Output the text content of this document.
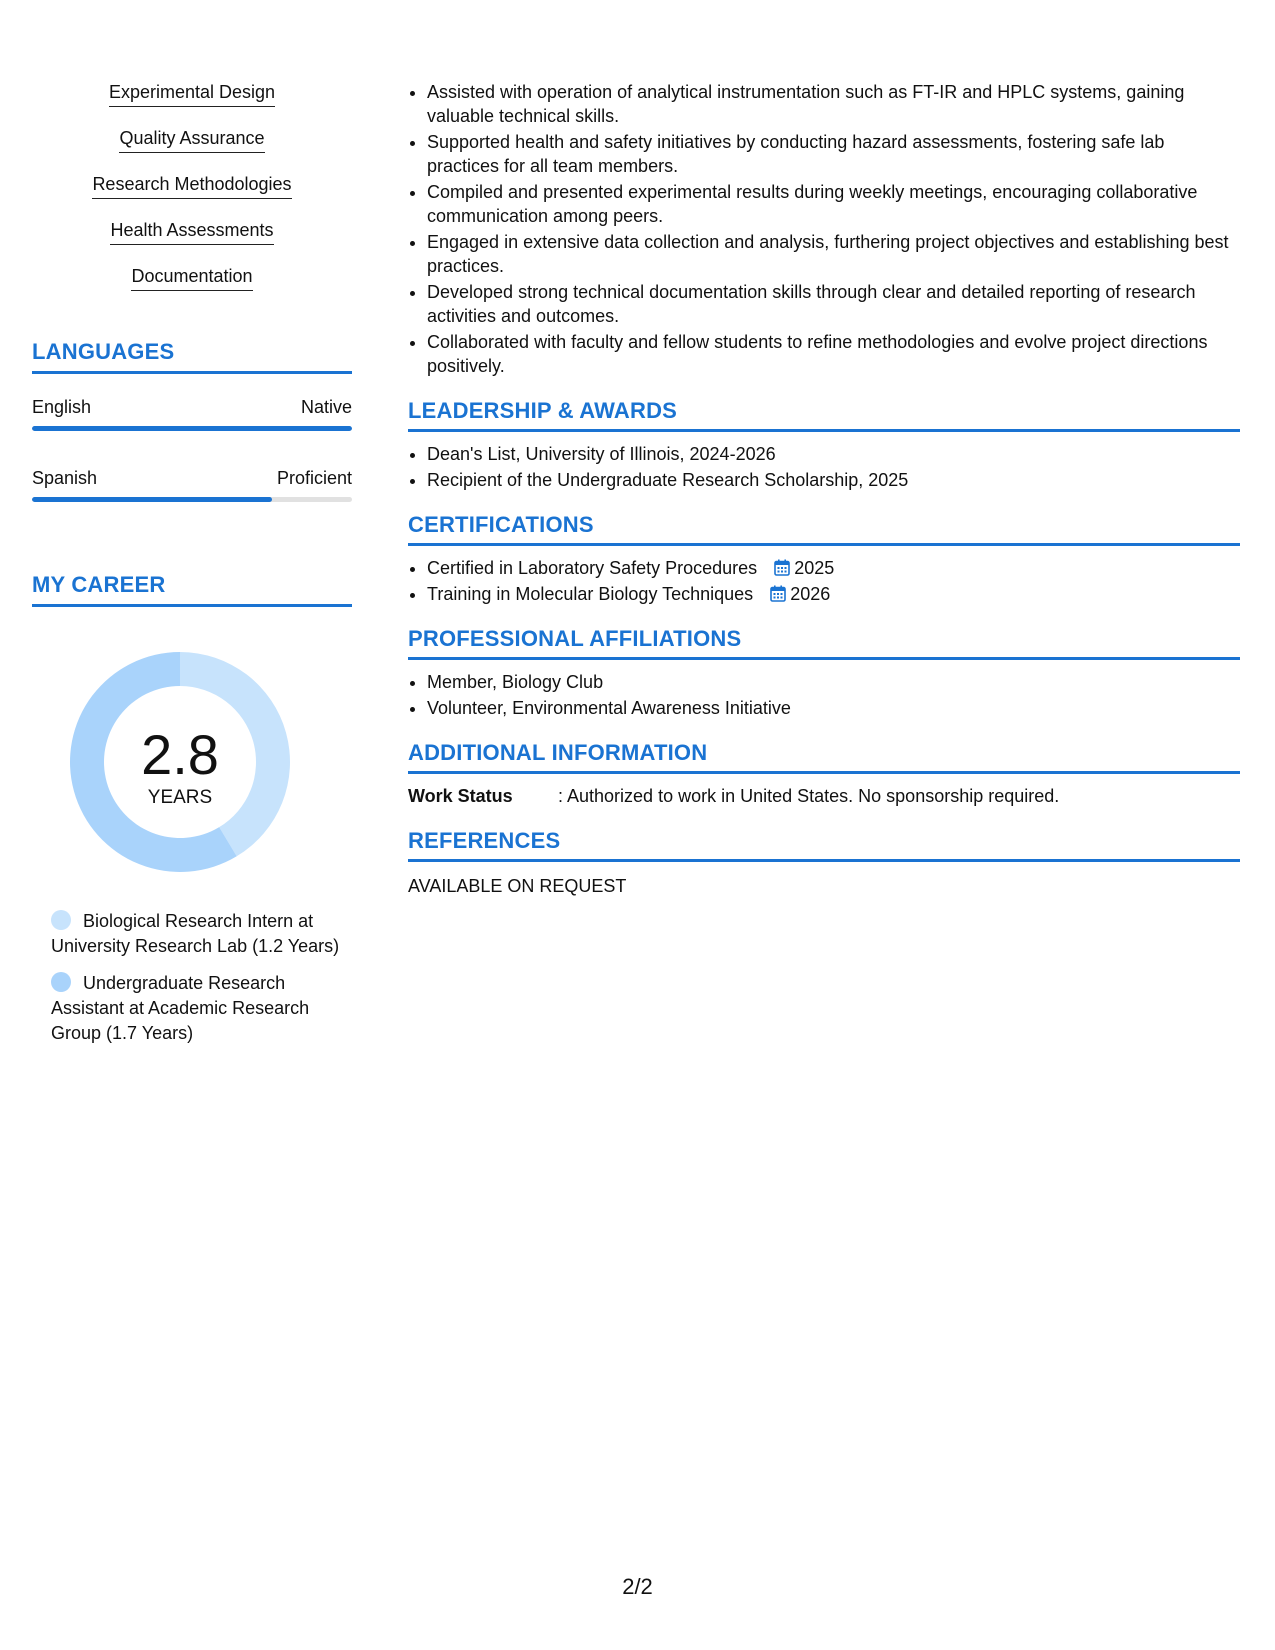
Experimental Design
Quality Assurance
Research Methodologies
Health Assessments
Documentation
LANGUAGES
English	Native
Spanish	Proficient
MY CAREER
2.8
YEARS
Biological Research Intern at University Research Lab (1.2 Years)
Undergraduate Research Assistant at Academic Research Group (1.7 Years)
• Assisted with operation of analytical instrumentation such as FT-IR and HPLC systems, gaining valuable technical skills.
• Supported health and safety initiatives by conducting hazard assessments, fostering safe lab practices for all team members.
• Compiled and presented experimental results during weekly meetings, encouraging collaborative communication among peers.
• Engaged in extensive data collection and analysis, furthering project objectives and establishing best practices.
• Developed strong technical documentation skills through clear and detailed reporting of research activities and outcomes.
• Collaborated with faculty and fellow students to refine methodologies and evolve project directions positively.
LEADERSHIP & AWARDS
• Dean's List, University of Illinois, 2024-2026
• Recipient of the Undergraduate Research Scholarship, 2025
CERTIFICATIONS
• Certified in Laboratory Safety Procedures 2025
• Training in Molecular Biology Techniques 2026
PROFESSIONAL AFFILIATIONS
• Member, Biology Club
• Volunteer, Environmental Awareness Initiative
ADDITIONAL INFORMATION
Work Status	: Authorized to work in United States. No sponsorship required.
REFERENCES
AVAILABLE ON REQUEST
2/2
